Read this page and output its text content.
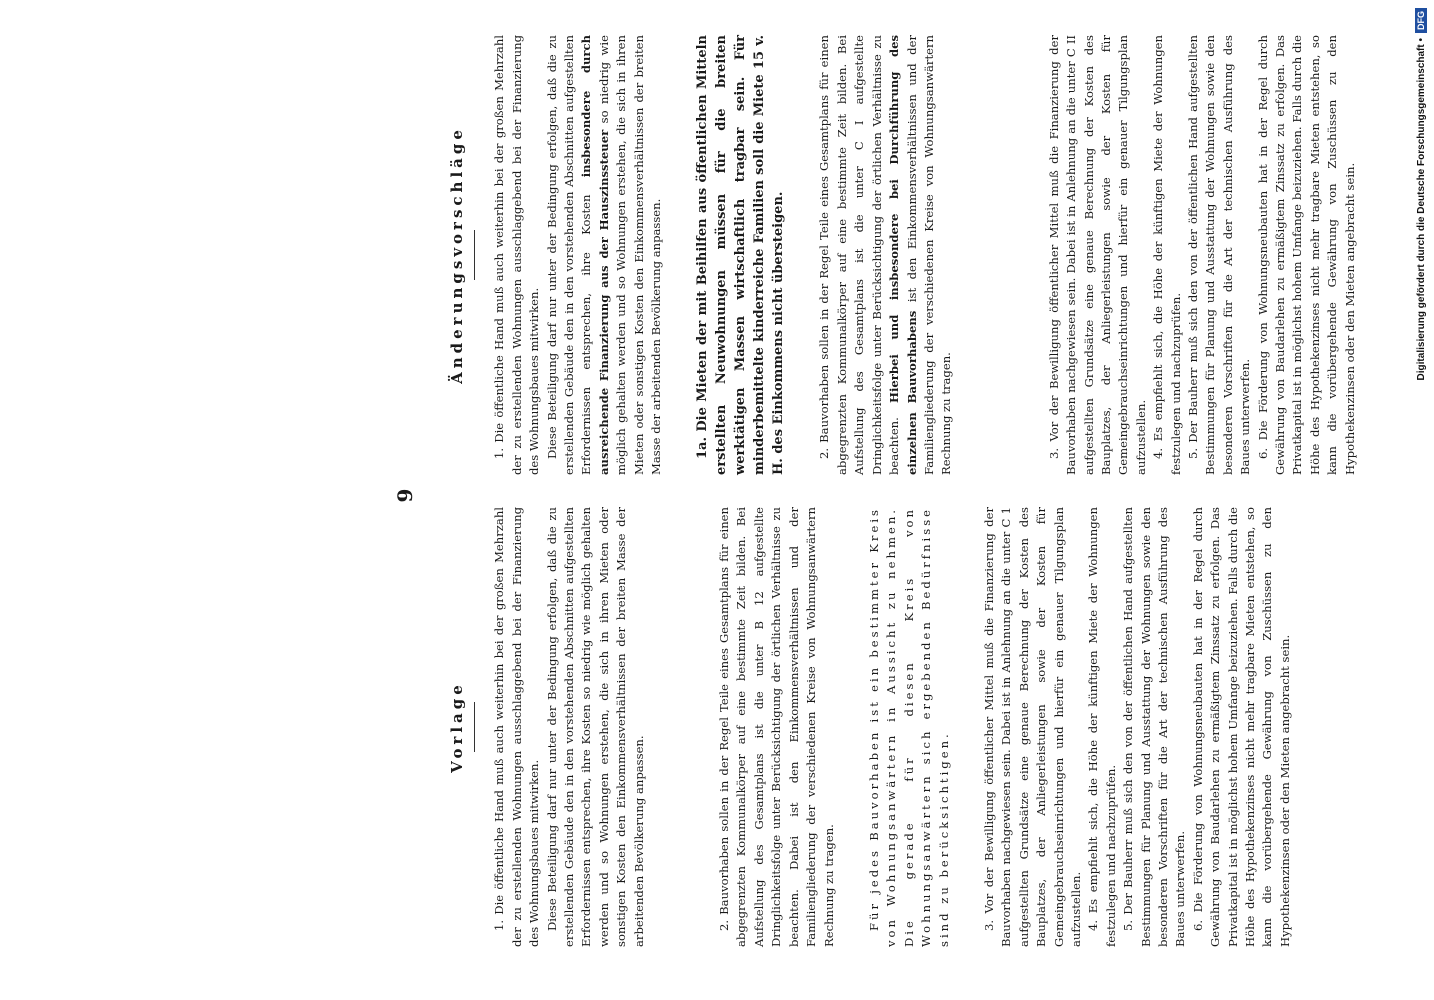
9
Vorlage 1. Die öffentliche Hand muß auch weiterhin bei der großen Mehrzahl der zu erstellenden Wohnungen ausschlaggebend bei der Finanzierung des Wohnungsbaues mitwirken. Diese Beteiligung darf nur unter der Bedingung erfolgen, daß die zu erstellenden Gebäude den in den vorstehenden Abschnitten aufgestellten Erfordernissen entsprechen, ihre Kosten so niedrig wie möglich gehalten werden und so Wohnungen erstehen, die sich in ihren Mieten oder sonstigen Kosten den Einkommensverhältnissen der breiten Masse der arbeitenden Bevölkerung anpassen.	2. Bauvorhaben sollen in der Regel Teile eines Gesamtplans für einen abgegrenzten Kommunalkörper auf eine bestimmte Zeit bilden. Bei Aufstellung des Gesamtplans ist die unter B 12 aufgestellte Dringlichkeitsfolge unter Berücksichtigung der örtlichen Verhältnisse zu beachten. Dabei ist den Einkommensverhältnissen und der Familiengliederung der verschiedenen Kreise von Wohnungsanwärtern Rechnung zu tragen.	Für jedes Bauvorhaben ist ein bestimmter Kreis von Wohnungsanwärtern in Aussicht zu nehmen. Die gerade für diesen Kreis von Wohnungsanwärtern sich ergebenden Bedürfnisse sind zu berücksichtigen.	3. Vor der Bewilligung öffentlicher Mittel muß die Finanzierung der Bauvorhaben nachgewiesen sein. Dabei ist in Anlehnung an die unter C 1 aufgestellten Grundsätze eine genaue Berechnung der Kosten des Bauplatzes, der Anliegerleistungen sowie der Kosten für Gemeingebrauchseinrichtungen und hierfür ein genauer Tilgungsplan aufzustellen. 4. Es empfiehlt sich, die Höhe der künftigen Miete der Wohnungen festzulegen und nachzuprüfen. 5. Der Bauherr muß sich den von der öffentlichen Hand aufgestellten Bestimmungen für Planung und Ausstattung der Wohnungen sowie den besonderen Vorschriften für die Art der technischen Ausführung des Baues unterwerfen. 6. Die Förderung von Wohnungsneubauten hat in der Regel durch Gewährung von Baudarlehen zu ermäßigtem Zinssatz zu erfolgen. Das Privatkapital ist in möglichst hohem Umfange beizuziehen. Falls durch die Höhe des Hypothekenzinses nicht mehr tragbare Mieten entstehen, so kann die vorübergehende Gewährung von Zuschüssen zu den Hypothekenzinsen oder den Mieten angebracht sein.

Änderungsvorschläge 1. Die öffentliche Hand muß auch weiterhin bei der großen Mehrzahl der zu erstellenden Wohnungen ausschlaggebend bei der Finanzierung des Wohnungsbaues mitwirken. Diese Beteiligung darf nur unter der Bedingung erfolgen, daß die zu erstellenden Gebäude den in den vorstehenden Abschnitten aufgestellten Erfordernissen entsprechen, ihre Kosten insbesondere durch ausreichende Finanzierung aus der Hauszinssteuer so niedrig wie möglich gehalten werden und so Wohnungen erstehen, die sich in ihren Mieten oder sonstigen Kosten den Einkommensverhältnissen der breiten Masse der arbeitenden Bevölkerung anpassen. 1a. Die Mieten der mit Beihilfen aus öffentlichen Mitteln erstellten Neuwohnungen müssen für die breiten werktätigen Massen wirtschaftlich tragbar sein. Für minderbemittelte kinderreiche Familien soll die Miete 15 v. H. des Einkommens nicht übersteigen.	2. Bauvorhaben sollen in der Regel Teile eines Gesamtplans für einen abgegrenzten Kommunalkörper auf eine bestimmte Zeit bilden. Bei Aufstellung des Gesamtplans ist die unter C I aufgestellte Dringlichkeitsfolge unter Berücksichtigung der örtlichen Verhältnisse zu beachten. Hierbei und insbesondere bei Durchführung des einzelnen Bauvorhabens ist den Einkommensverhältnissen und der Familiengliederung der verschiedenen Kreise von Wohnungsanwärtern Rechnung zu tragen.	3. Vor der Bewilligung öffentlicher Mittel muß die Finanzierung der Bauvorhaben nachgewiesen sein. Dabei ist in Anlehnung an die unter C II aufgestellten Grundsätze eine genaue Berechnung der Kosten des Bauplatzes, der Anliegerleistungen sowie der Kosten für Gemeingebrauchseinrichtungen und hierfür ein genauer Tilgungsplan aufzustellen. 4. Es empfiehlt sich, die Höhe der künftigen Miete der Wohnungen festzulegen und nachzuprüfen. 5. Der Bauherr muß sich den von der öffentlichen Hand aufgestellten Bestimmungen für Planung und Ausstattung der Wohnungen sowie den besonderen Vorschriften für die Art der technischen Ausführung des Baues unterwerfen. 6. Die Förderung von Wohnungsneubauten hat in der Regel durch Gewährung von Baudarlehen zu ermäßigtem Zinssatz zu erfolgen. Das Privatkapital ist in möglichst hohem Umfange beizuziehen. Falls durch die Höhe des Hypothekenzinses nicht mehr tragbare Mieten entstehen, so kann die vorübergehende Gewährung von Zuschüssen zu den Hypothekenzinsen oder den Mieten angebracht sein.	Digitalisierung gefördert durch die Deutsche Forschungsgemeinschaft •
DFG
